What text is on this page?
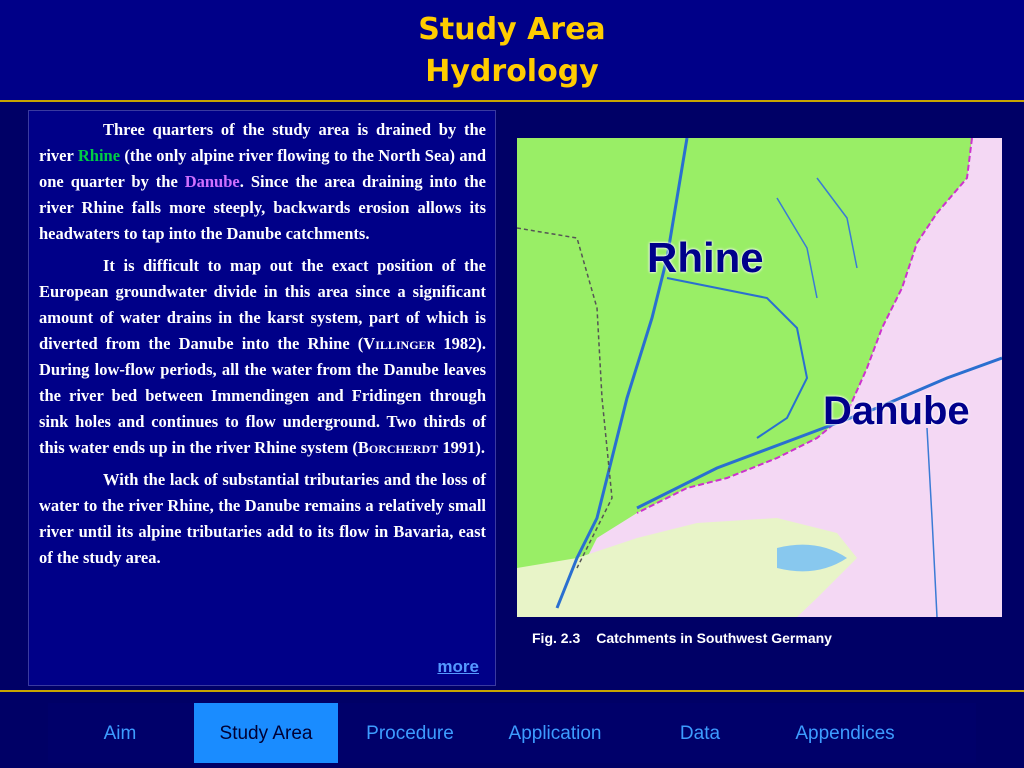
Study Area
Hydrology

Three quarters of the study area is drained by the river Rhine (the only alpine river flowing to the North Sea) and one quarter by the Danube. Since the area draining into the river Rhine falls more steeply, backwards erosion allows its headwaters to tap into the Danube catchments.

It is difficult to map out the exact position of the European groundwater divide in this area since a significant amount of water drains in the karst system, part of which is diverted from the Danube into the Rhine (Villinger 1982). During low-flow periods, all the water from the Danube leaves the river bed between Immendingen and Fridingen through sink holes and continues to flow underground. Two thirds of this water ends up in the river Rhine system (Borcherdt 1991).

With the lack of substantial tributaries and the loss of water to the river Rhine, the Danube remains a relatively small river until its alpine tributaries add to its flow in Bavaria, east of the study area.

more
Rhine
Danube
Fig. 2.3 Catchments in Southwest Germany
Aim	Study Area	Procedure	Application	Data	Appendices
